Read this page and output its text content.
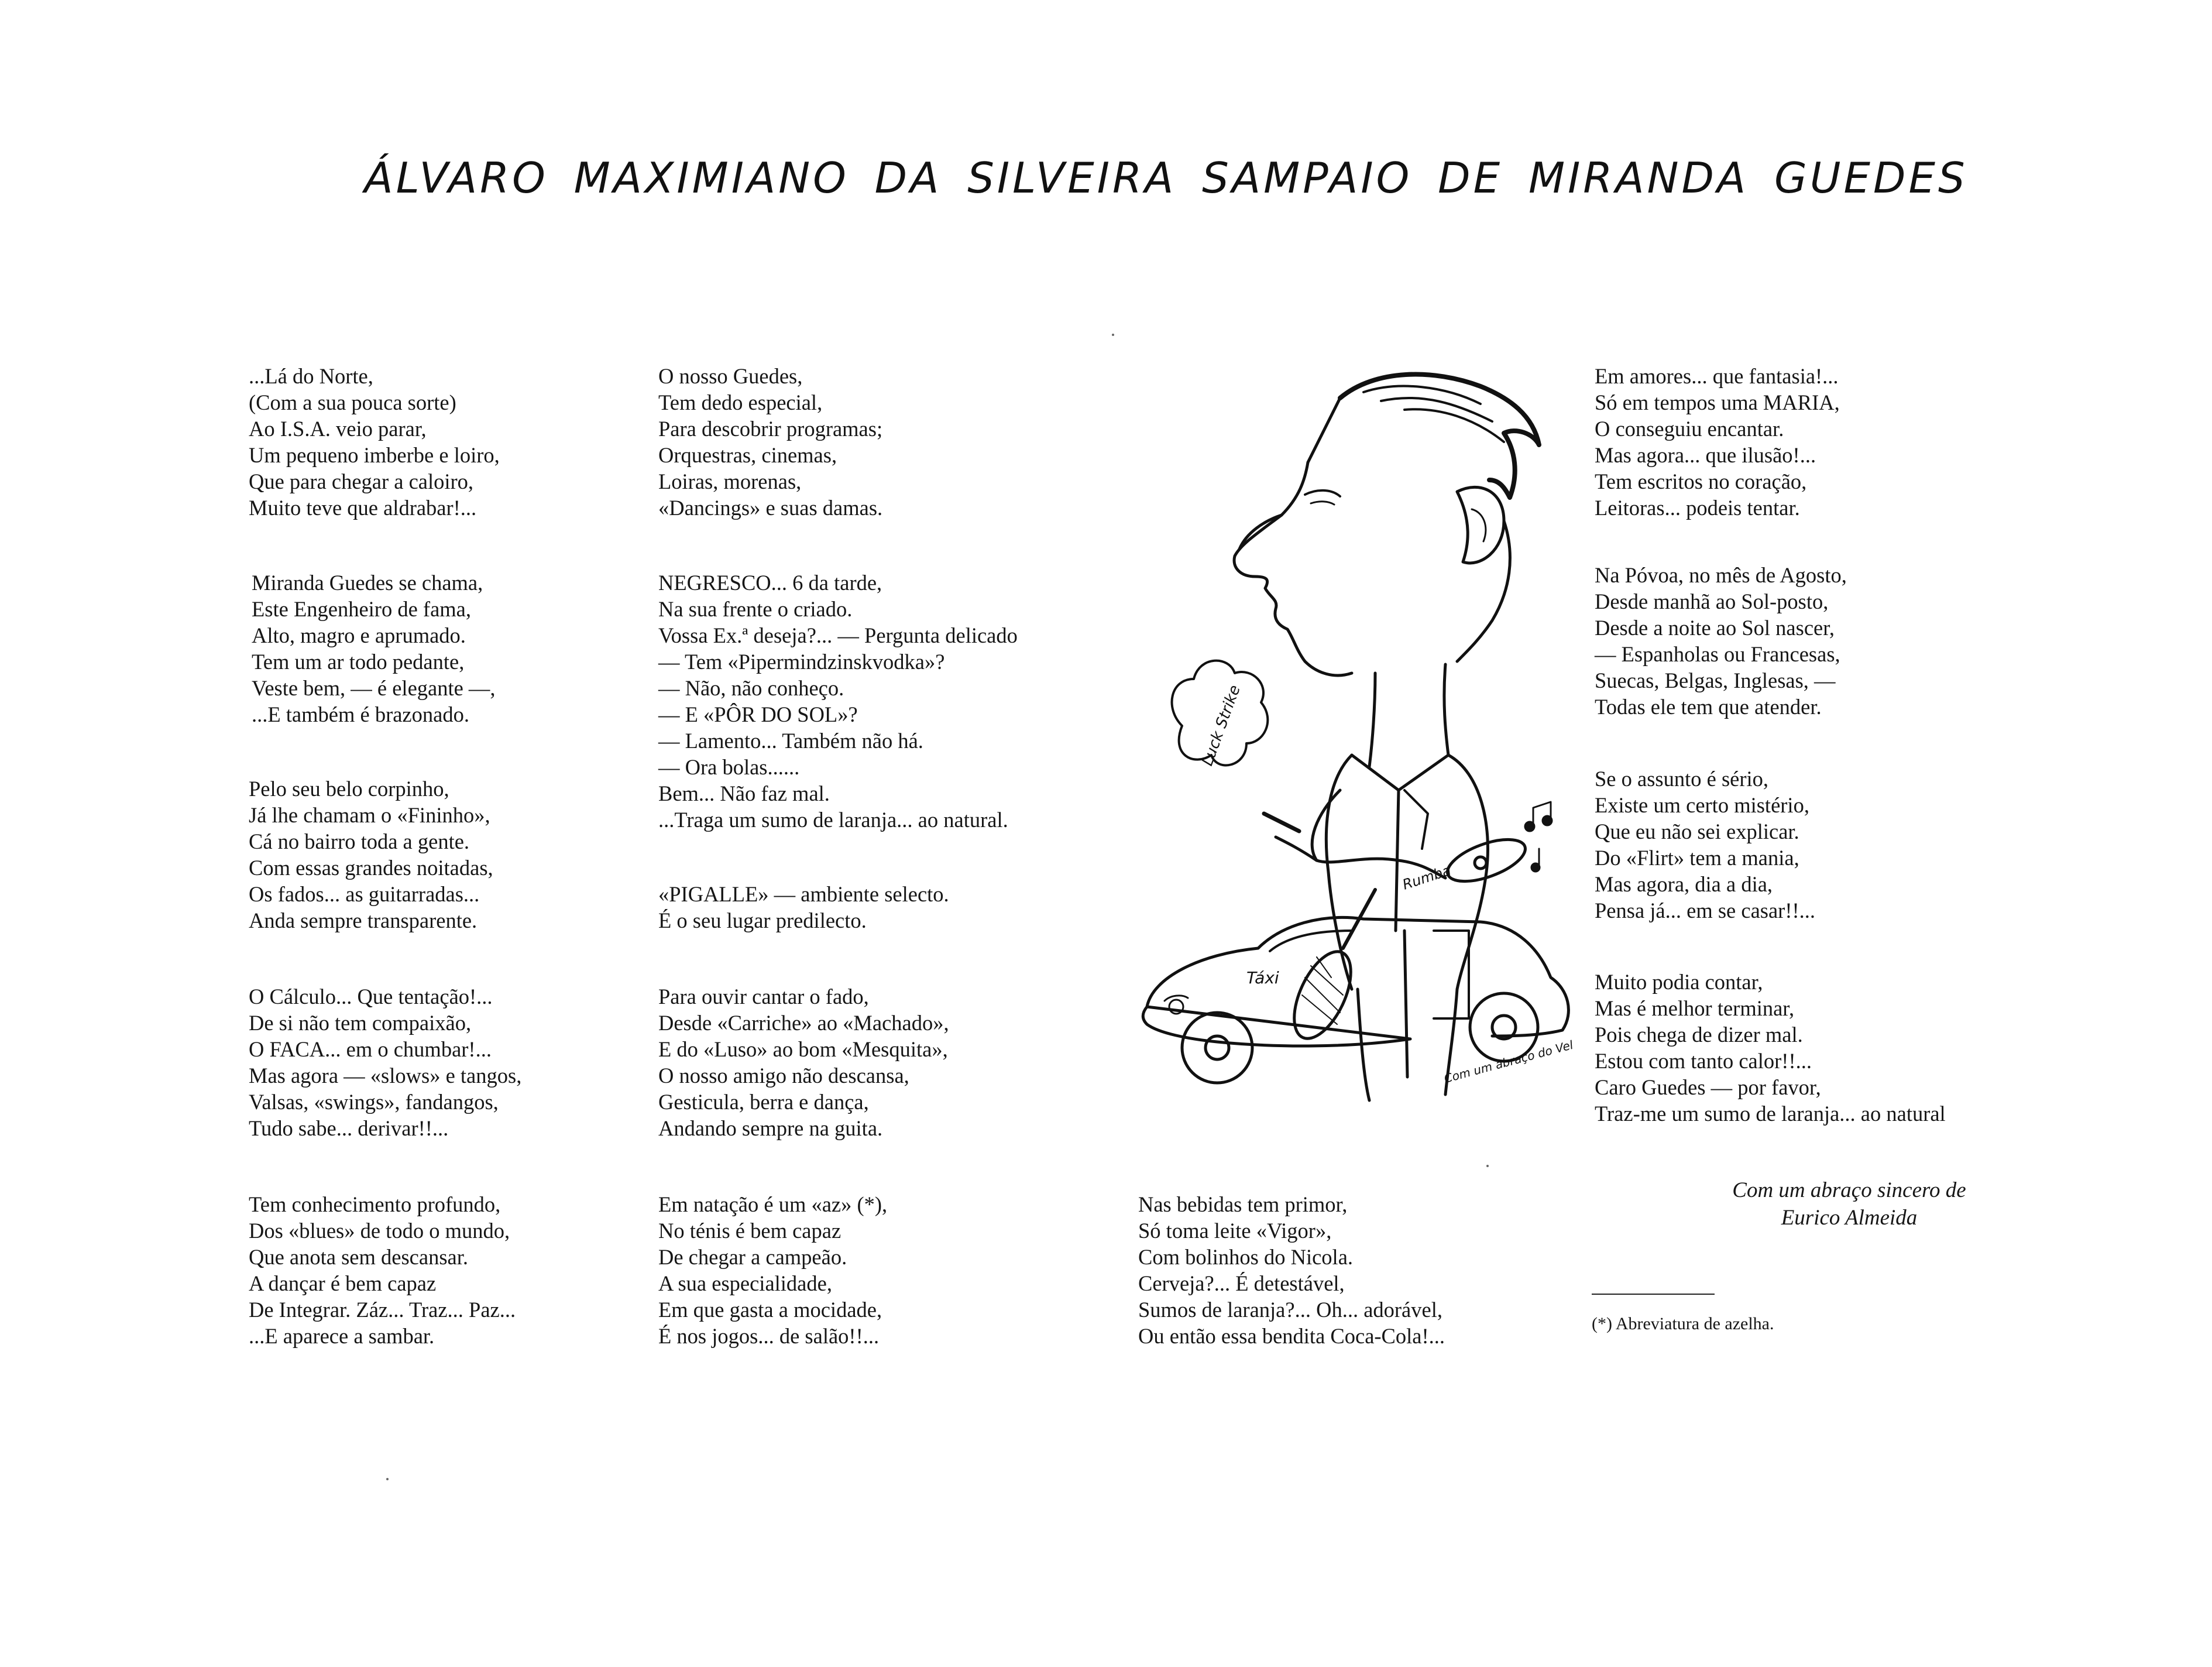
ÁLVARO MAXIMIANO DA SILVEIRA SAMPAIO DE MIRANDA GUEDES
...Lá do Norte,
(Com a sua pouca sorte)
Ao I.S.A. veio parar,
Um pequeno imberbe e loiro,
Que para chegar a caloiro,
Muito teve que aldrabar!...
Miranda Guedes se chama,
Este Engenheiro de fama,
Alto, magro e aprumado.
Tem um ar todo pedante,
Veste bem, — é elegante —,
...E também é brazonado.
Pelo seu belo corpinho,
Já lhe chamam o «Fininho»,
Cá no bairro toda a gente.
Com essas grandes noitadas,
Os fados... as guitarradas...
Anda sempre transparente.
O Cálculo... Que tentação!...
De si não tem compaixão,
O FACA... em o chumbar!...
Mas agora — «slows» e tangos,
Valsas, «swings», fandangos,
Tudo sabe... derivar!!...
Tem conhecimento profundo,
Dos «blues» de todo o mundo,
Que anota sem descansar.
A dançar é bem capaz
De Integrar. Záz... Traz... Paz...
...E aparece a sambar.
O nosso Guedes,
Tem dedo especial,
Para descobrir programas;
Orquestras, cinemas,
Loiras, morenas,
«Dancings» e suas damas.
NEGRESCO... 6 da tarde,
Na sua frente o criado.
Vossa Ex.ª deseja?... — Pergunta delicado
— Tem «Pipermindzinskvodka»?
— Não, não conheço.
— E «PÔR DO SOL»?
— Lamento... Também não há.
— Ora bolas......
Bem... Não faz mal.
...Traga um sumo de laranja... ao natural.
«PIGALLE» — ambiente selecto.
É o seu lugar predilecto.
Para ouvir cantar o fado,
Desde «Carriche» ao «Machado»,
E do «Luso» ao bom «Mesquita»,
O nosso amigo não descansa,
Gesticula, berra e dança,
Andando sempre na guita.
Em natação é um «az» (*),
No ténis é bem capaz
De chegar a campeão.
A sua especialidade,
Em que gasta a mocidade,
É nos jogos... de salão!!...
Nas bebidas tem primor,
Só toma leite «Vigor»,
Com bolinhos do Nicola.
Cerveja?... É detestável,
Sumos de laranja?... Oh... adorável,
Ou então essa bendita Coca-Cola!...
Em amores... que fantasia!...
Só em tempos uma MARIA,
O conseguiu encantar.
Mas agora... que ilusão!...
Tem escritos no coração,
Leitoras... podeis tentar.
Na Póvoa, no mês de Agosto,
Desde manhã ao Sol-posto,
Desde a noite ao Sol nascer,
— Espanholas ou Francesas,
Suecas, Belgas, Inglesas, —
Todas ele tem que atender.
Se o assunto é sério,
Existe um certo mistério,
Que eu não sei explicar.
Do «Flirt» tem a mania,
Mas agora, dia a dia,
Pensa já... em se casar!!...
Muito podia contar,
Mas é melhor terminar,
Pois chega de dizer mal.
Estou com tanto calor!!...
Caro Guedes — por favor,
Traz-me um sumo de laranja... ao natural
Com um abraço sincero de
Eurico Almeida
(*) Abreviatura de azelha.
Luck Strike
Rumba
Táxi
Com um abraço do Vel
